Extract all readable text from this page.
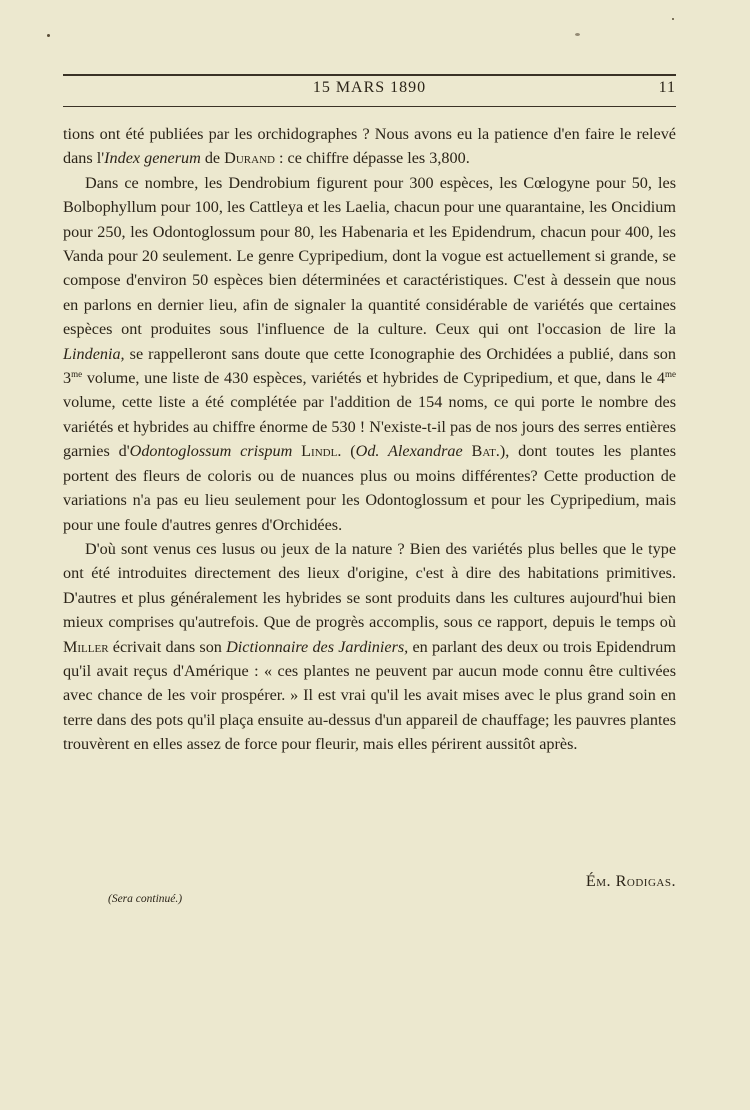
15 MARS 1890	11

tions ont été publiées par les orchidographes ? Nous avons eu la patience d'en faire le relevé dans l'Index generum de Durand : ce chiffre dépasse les 3,800.

Dans ce nombre, les Dendrobium figurent pour 300 espèces, les Cœlogyne pour 50, les Bolbophyllum pour 100, les Cattleya et les Laelia, chacun pour une quarantaine, les Oncidium pour 250, les Odontoglossum pour 80, les Habenaria et les Epidendrum, chacun pour 400, les Vanda pour 20 seulement. Le genre Cypripedium, dont la vogue est actuellement si grande, se compose d'environ 50 espèces bien déterminées et caractéristiques. C'est à dessein que nous en parlons en dernier lieu, afin de signaler la quantité considérable de variétés que certaines espèces ont produites sous l'influence de la culture. Ceux qui ont l'occasion de lire la Lindenia, se rappelleront sans doute que cette Iconographie des Orchidées a publié, dans son $3^{me}$ volume, une liste de 430 espèces, variétés et hybrides de Cypripedium, et que, dans le $4^{me}$ volume, cette liste a été complétée par l'addition de 154 noms, ce qui porte le nombre des variétés et hybrides au chiffre énorme de 530 ! N'existe-t-il pas de nos jours des serres entières garnies d'Odontoglossum crispum Lindl. (Od. Alexandrae Bat.), dont toutes les plantes portent des fleurs de coloris ou de nuances plus ou moins différentes? Cette production de variations n'a pas eu lieu seulement pour les Odontoglossum et pour les Cypripedium, mais pour une foule d'autres genres d'Orchidées.

D'où sont venus ces lusus ou jeux de la nature ? Bien des variétés plus belles que le type ont été introduites directement des lieux d'origine, c'est à dire des habitations primitives. D'autres et plus généralement les hybrides se sont produits dans les cultures aujourd'hui bien mieux comprises qu'autrefois. Que de progrès accomplis, sous ce rapport, depuis le temps où Miller écrivait dans son Dictionnaire des Jardiniers, en parlant des deux ou trois Epidendrum qu'il avait reçus d'Amérique : « ces plantes ne peuvent par aucun mode connu être cultivées avec chance de les voir prospérer. » Il est vrai qu'il les avait mises avec le plus grand soin en terre dans des pots qu'il plaça ensuite au-dessus d'un appareil de chauffage; les pauvres plantes trouvèrent en elles assez de force pour fleurir, mais elles périrent aussitôt après.

Ém. Rodigas.
(Sera continué.)
